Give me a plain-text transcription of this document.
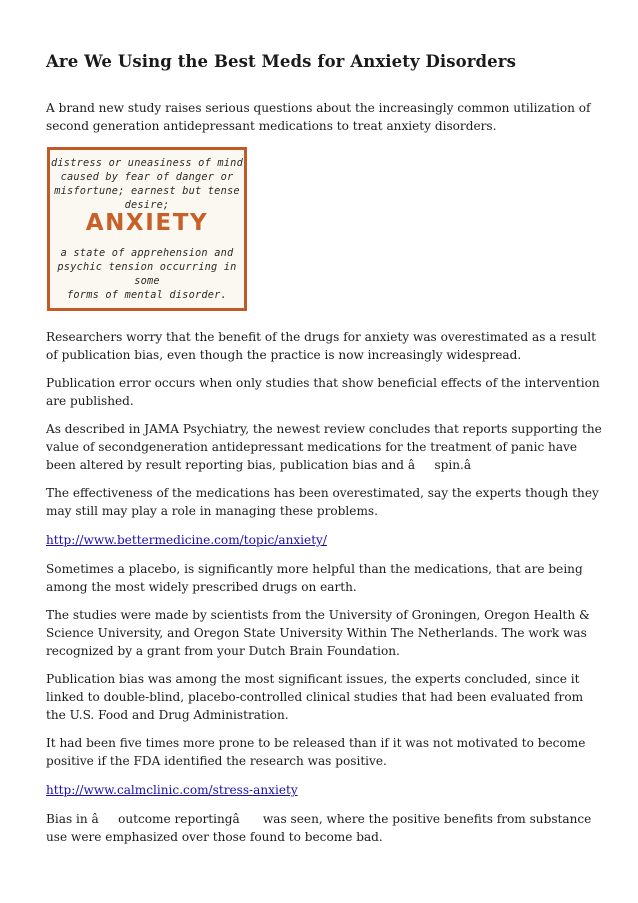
Are We Using the Best Meds for Anxiety Disorders

A brand new study raises serious questions about the increasingly common utilization of second generation antidepressant medications to treat anxiety disorders.

distress or uneasiness of mind
caused by fear of danger or
misfortune; earnest but tense desire;
ANXIETY
a state of apprehension and
psychic tension occurring in some
forms of mental disorder.

Researchers worry that the benefit of the drugs for anxiety was overestimated as a result of publication bias, even though the practice is now increasingly widespread.

Publication error occurs when only studies that show beneficial effects of the intervention are published.

As described in JAMA Psychiatry, the newest review concludes that reports supporting the value of secondgeneration antidepressant medications for the treatment of panic have been altered by result reporting bias, publication bias and âspin.â

The effectiveness of the medications has been overestimated, say the experts though they may still may play a role in managing these problems.

http://www.bettermedicine.com/topic/anxiety/

Sometimes a placebo, is significantly more helpful than the medications, that are being among the most widely prescribed drugs on earth.

The studies were made by scientists from the University of Groningen, Oregon Health & Science University, and Oregon State University Within The Netherlands. The work was recognized by a grant from your Dutch Brain Foundation.

Publication bias was among the most significant issues, the experts concluded, since it linked to double-blind, placebo-controlled clinical studies that had been evaluated from the U.S. Food and Drug Administration.

It had been five times more prone to be released than if it was not motivated to become positive if the FDA identified the research was positive.

http://www.calmclinic.com/stress-anxiety

Bias in âoutcome reportingâ was seen, where the positive benefits from substance use were emphasized over those found to become bad.
